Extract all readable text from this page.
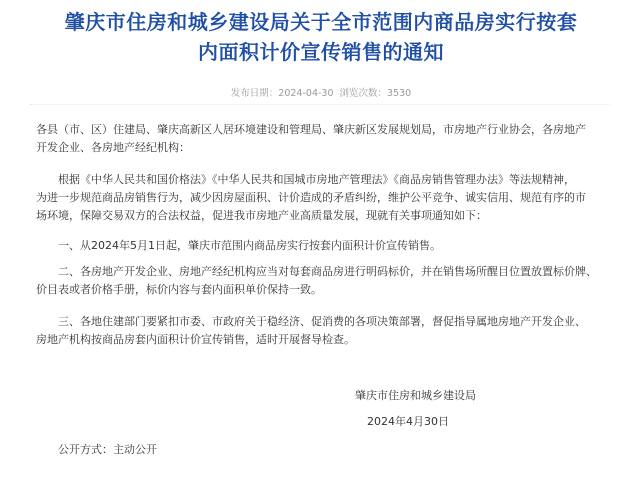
肇庆市住房和城乡建设局关于全市范围内商品房实行按套
内面积计价宣传销售的通知
发布日期：2024-04-30 浏览次数：3530
各县（市、区）住建局、肇庆高新区人居环境建设和管理局、肇庆新区发展规划局，市房地产行业协会，各房地产
开发企业、各房地产经纪机构：
根据《中华人民共和国价格法》《中华人民共和国城市房地产管理法》《商品房销售管理办法》等法规精神，
为进一步规范商品房销售行为，减少因房屋面积、计价造成的矛盾纠纷，维护公平竞争、诚实信用、规范有序的市
场环境，保障交易双方的合法权益，促进我市房地产业高质量发展，现就有关事项通知如下：
一、从2024年5月1日起，肇庆市范围内商品房实行按套内面积计价宣传销售。
二、各房地产开发企业、房地产经纪机构应当对每套商品房进行明码标价，并在销售场所醒目位置放置标价牌、
价目表或者价格手册，标价内容与套内面积单价保持一致。
三、各地住建部门要紧扣市委、市政府关于稳经济、促消费的各项决策部署，督促指导属地房地产开发企业、
房地产机构按商品房套内面积计价宣传销售，适时开展督导检查。
肇庆市住房和城乡建设局
2024年4月30日
公开方式：主动公开
